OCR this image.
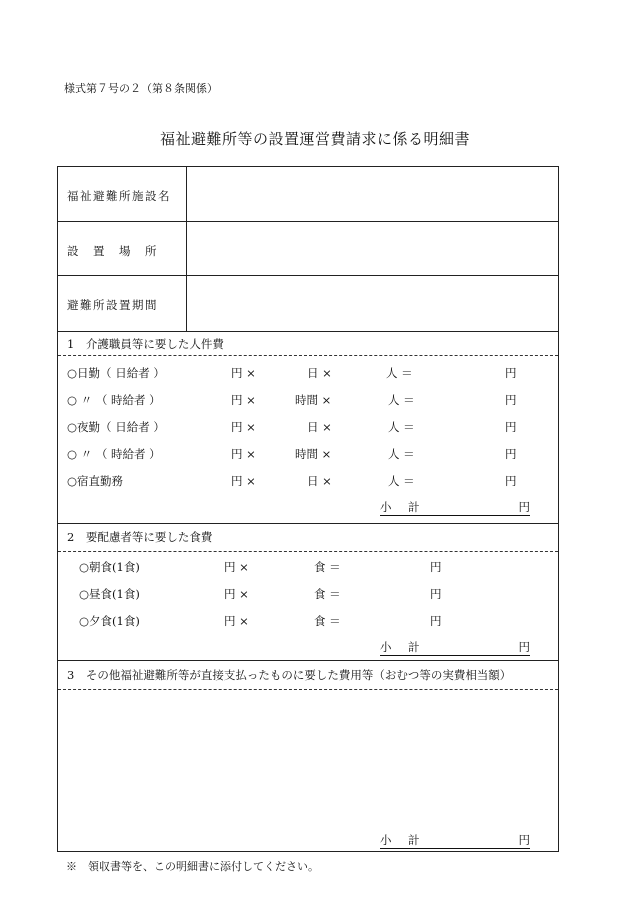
様式第７号の２（第８条関係）
福祉避難所等の設置運営費請求に係る明細書
福祉避難所施設名
設　置　場　所
避難所設置期間
1　介護職員等に要した人件費
○日勤（ 日給者 ）	円 ×	日 ×	人 ＝	円
○ 〃 （ 時給者 ）	円 ×	時間 ×	人 ＝	円
○夜勤（ 日給者 ）	円 ×	日 ×	人 ＝	円
○ 〃 （ 時給者 ）	円 ×	時間 ×	人 ＝	円
○宿直勤務	円 ×	日 ×	人 ＝	円
小 計	円
2　要配慮者等に要した食費
○朝食(1食)	円 ×	食 ＝	円
○昼食(1食)	円 ×	食 ＝	円
○夕食(1食)	円 ×	食 ＝	円
小 計	円
3　その他福祉避難所等が直接支払ったものに要した費用等（おむつ等の実費相当額）
小 計	円
※　領収書等を、この明細書に添付してください。
